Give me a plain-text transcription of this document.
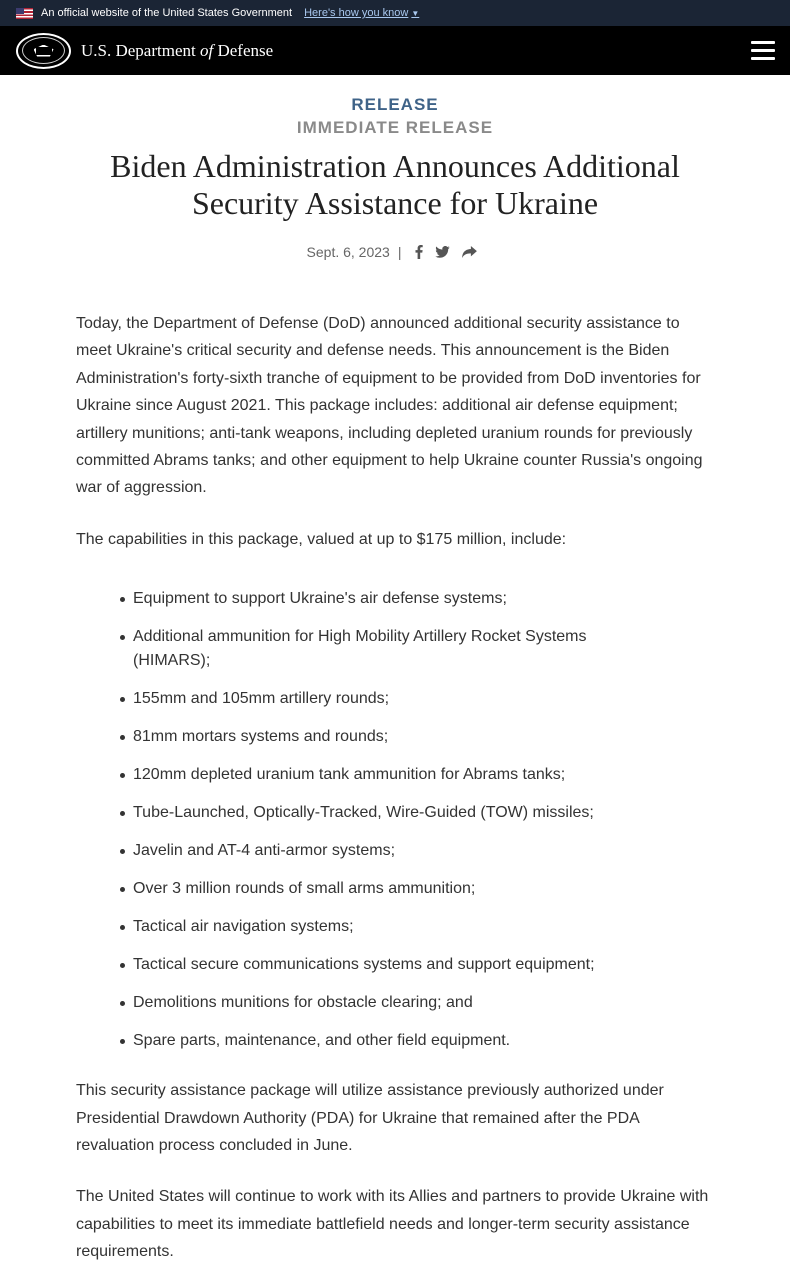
An official website of the United States Government Here's how you know ▼
U.S. Department of Defense
RELEASE
IMMEDIATE RELEASE
Biden Administration Announces Additional Security Assistance for Ukraine
Sept. 6, 2023 |

Today, the Department of Defense (DoD) announced additional security assistance to meet Ukraine's critical security and defense needs. This announcement is the Biden Administration's forty-sixth tranche of equipment to be provided from DoD inventories for Ukraine since August 2021. This package includes: additional air defense equipment; artillery munitions; anti-tank weapons, including depleted uranium rounds for previously committed Abrams tanks; and other equipment to help Ukraine counter Russia's ongoing war of aggression.

The capabilities in this package, valued at up to $175 million, include:

Equipment to support Ukraine's air defense systems;
Additional ammunition for High Mobility Artillery Rocket Systems (HIMARS);
155mm and 105mm artillery rounds;
81mm mortars systems and rounds;
120mm depleted uranium tank ammunition for Abrams tanks;
Tube-Launched, Optically-Tracked, Wire-Guided (TOW) missiles;
Javelin and AT-4 anti-armor systems;
Over 3 million rounds of small arms ammunition;
Tactical air navigation systems;
Tactical secure communications systems and support equipment;
Demolitions munitions for obstacle clearing; and
Spare parts, maintenance, and other field equipment.

This security assistance package will utilize assistance previously authorized under Presidential Drawdown Authority (PDA) for Ukraine that remained after the PDA revaluation process concluded in June.

The United States will continue to work with its Allies and partners to provide Ukraine with capabilities to meet its immediate battlefield needs and longer-term security assistance requirements.
